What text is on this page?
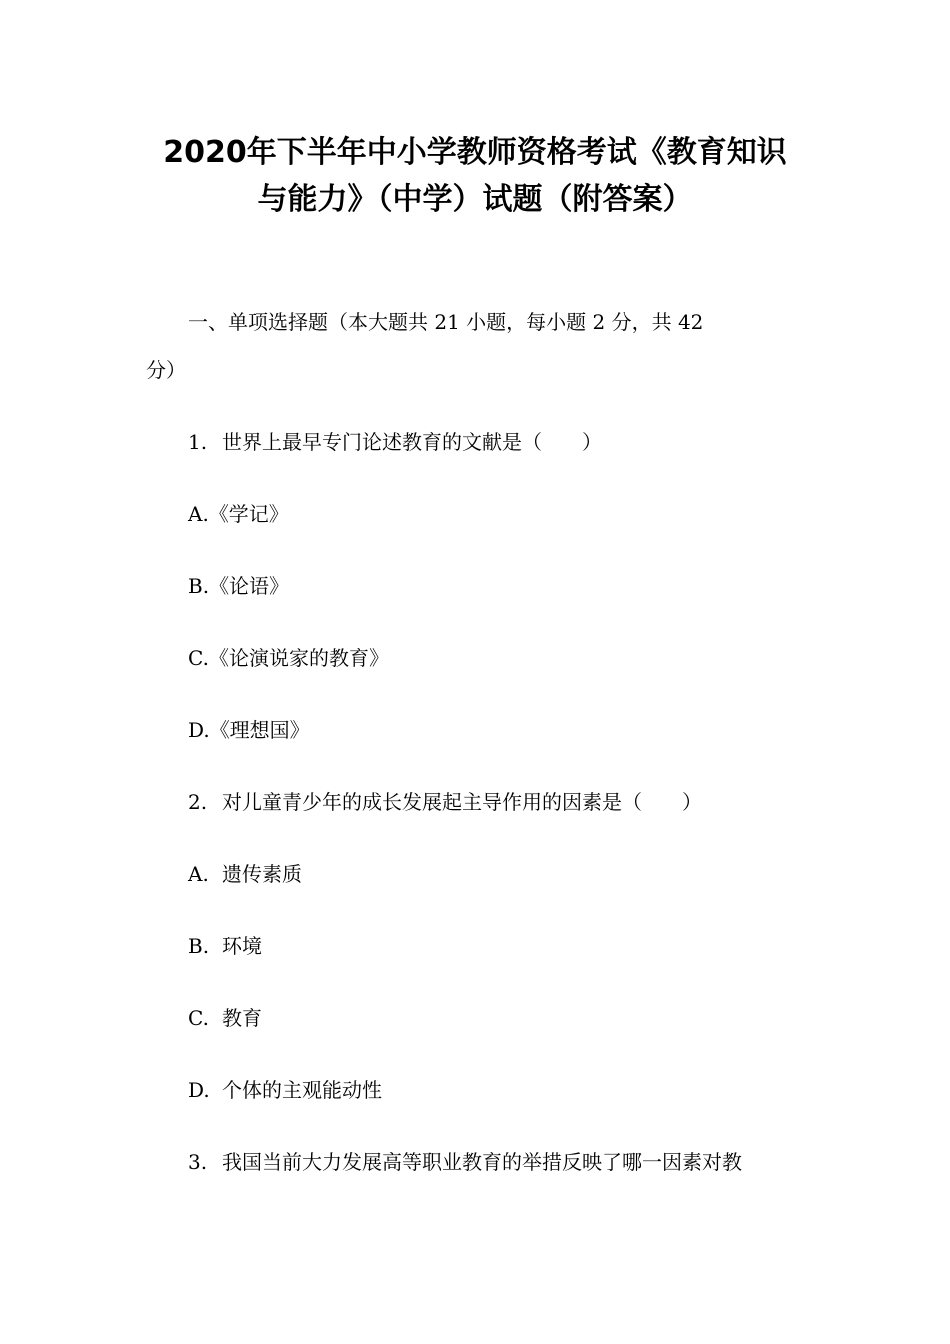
2020年下半年中小学教师资格考试《教育知识
与能力》（中学）试题（附答案）

一、单项选择题（本大题共 21 小题，每小题 2 分，共 42

分）

1. 世界上最早专门论述教育的文献是（　　）

A.《学记》

B.《论语》

C.《论演说家的教育》

D.《理想国》

2. 对儿童青少年的成长发展起主导作用的因素是（　　）

A. 遗传素质

B. 环境

C. 教育

D. 个体的主观能动性

3. 我国当前大力发展高等职业教育的举措反映了哪一因素对教
